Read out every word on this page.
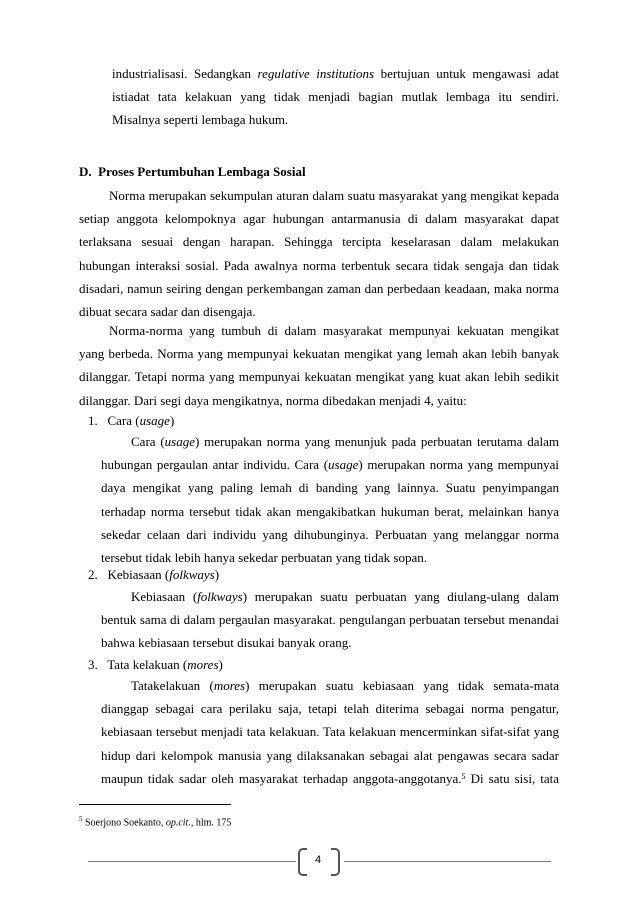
industrialisasi. Sedangkan regulative institutions bertujuan untuk mengawasi adat istiadat tata kelakuan yang tidak menjadi bagian mutlak lembaga itu sendiri. Misalnya seperti lembaga hukum.
D.  Proses Pertumbuhan Lembaga Sosial
Norma merupakan sekumpulan aturan dalam suatu masyarakat yang mengikat kepada setiap anggota kelompoknya agar hubungan antarmanusia di dalam masyarakat dapat terlaksana sesuai dengan harapan. Sehingga tercipta keselarasan dalam melakukan hubungan interaksi sosial. Pada awalnya norma terbentuk secara tidak sengaja dan tidak disadari, namun seiring dengan perkembangan zaman dan perbedaan keadaan, maka norma dibuat secara sadar dan disengaja.
Norma-norma yang tumbuh di dalam masyarakat mempunyai kekuatan mengikat yang berbeda. Norma yang mempunyai kekuatan mengikat yang lemah akan lebih banyak dilanggar. Tetapi norma yang mempunyai kekuatan mengikat yang kuat akan lebih sedikit dilanggar. Dari segi daya mengikatnya, norma dibedakan menjadi 4, yaitu:
1. Cara (usage)
Cara (usage) merupakan norma yang menunjuk pada perbuatan terutama dalam hubungan pergaulan antar individu. Cara (usage) merupakan norma yang mempunyai daya mengikat yang paling lemah di banding yang lainnya. Suatu penyimpangan terhadap norma tersebut tidak akan mengakibatkan hukuman berat, melainkan hanya sekedar celaan dari individu yang dihubunginya. Perbuatan yang melanggar norma tersebut tidak lebih hanya sekedar perbuatan yang tidak sopan.
2. Kebiasaan (folkways)
Kebiasaan (folkways) merupakan suatu perbuatan yang diulang-ulang dalam bentuk sama di dalam pergaulan masyarakat. pengulangan perbuatan tersebut menandai bahwa kebiasaan tersebut disukai banyak orang.
3. Tata kelakuan (mores)
Tatakelakuan (mores) merupakan suatu kebiasaan yang tidak semata-mata dianggap sebagai cara perilaku saja, tetapi telah diterima sebagai norma pengatur, kebiasaan tersebut menjadi tata kelakuan. Tata kelakuan mencerminkan sifat-sifat yang hidup dari kelompok manusia yang dilaksanakan sebagai alat pengawas secara sadar maupun tidak sadar oleh masyarakat terhadap anggota-anggotanya.$^5$ Di satu sisi, tata
$^5$ Soerjono Soekanto, op.cit., hlm. 175
4
